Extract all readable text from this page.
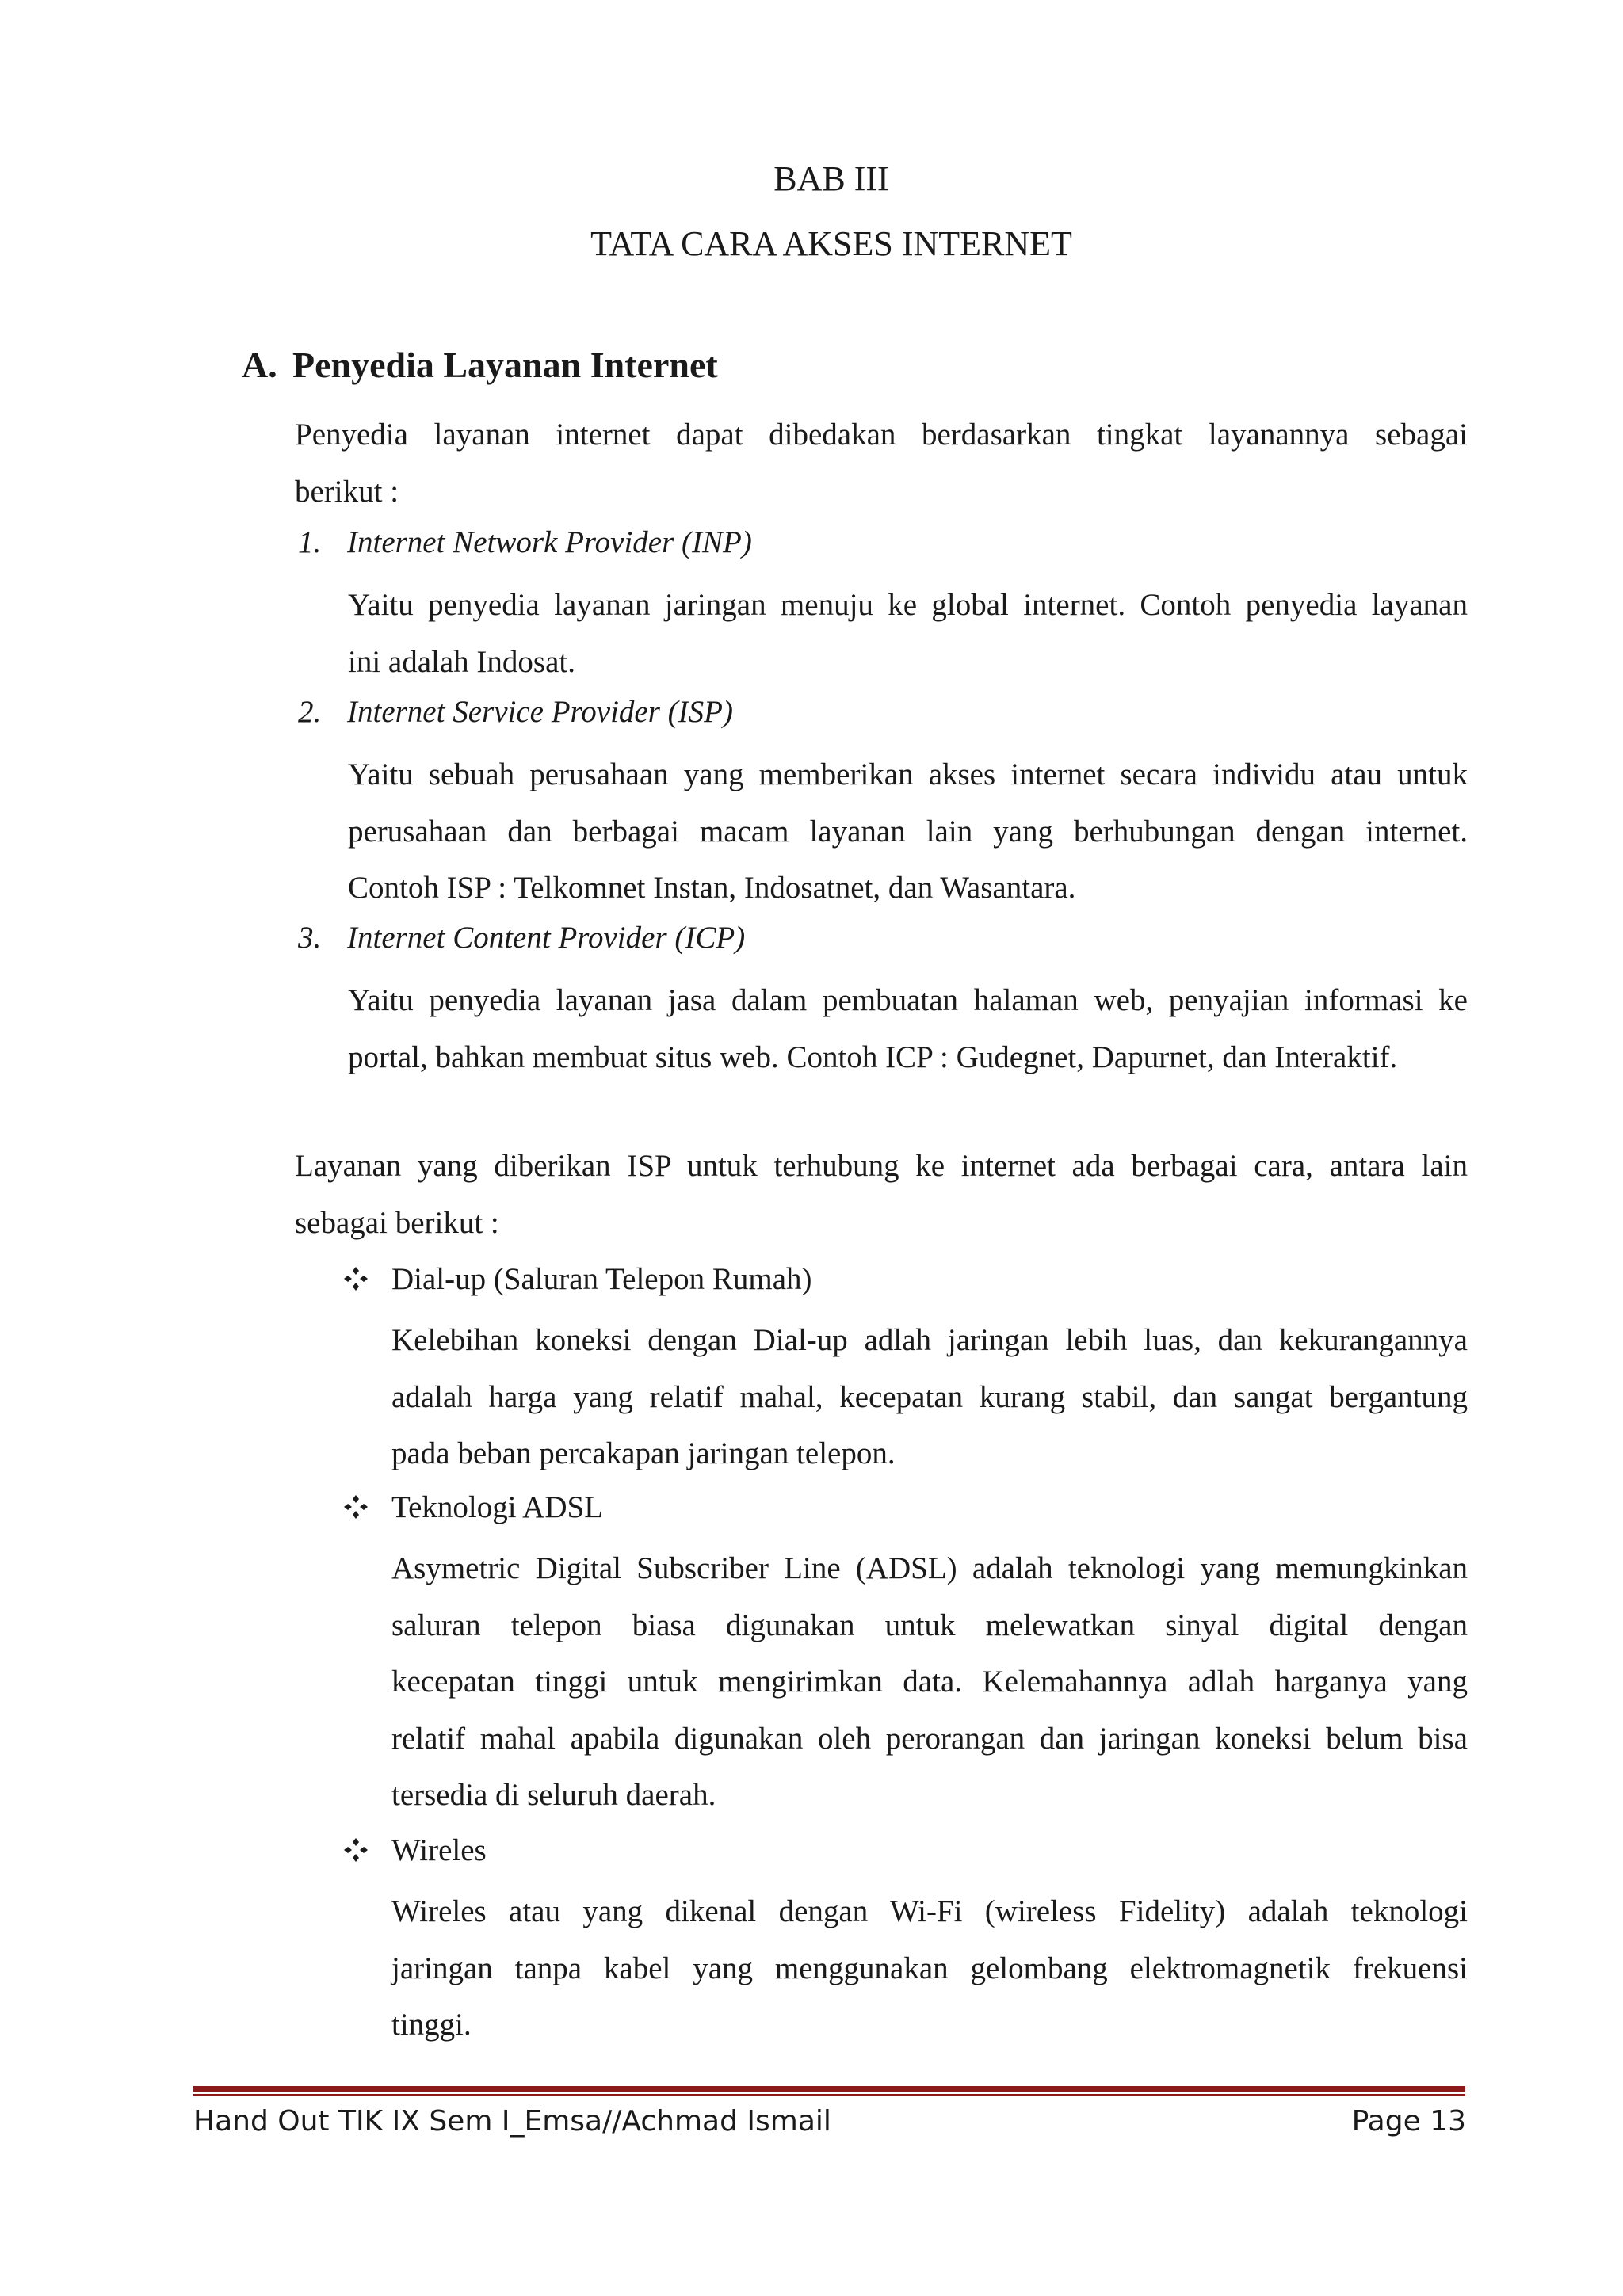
BAB III
TATA CARA AKSES INTERNET
A. Penyedia Layanan Internet
Penyedia layanan internet dapat dibedakan berdasarkan tingkat layanannya sebagai
berikut :
1. Internet Network Provider (INP)
Yaitu penyedia layanan jaringan menuju ke global internet. Contoh penyedia layanan
ini adalah Indosat.
2. Internet Service Provider (ISP)
Yaitu sebuah perusahaan yang memberikan akses internet secara individu atau untuk
perusahaan dan berbagai macam layanan lain yang berhubungan dengan internet.
Contoh ISP : Telkomnet Instan, Indosatnet, dan Wasantara.
3. Internet Content Provider (ICP)
Yaitu penyedia layanan jasa dalam pembuatan halaman web, penyajian informasi ke
portal, bahkan membuat situs web. Contoh ICP : Gudegnet, Dapurnet, dan Interaktif.
Layanan yang diberikan ISP untuk terhubung ke internet ada berbagai cara, antara lain
sebagai berikut :
Dial-up (Saluran Telepon Rumah)
Kelebihan koneksi dengan Dial-up adlah jaringan lebih luas, dan kekurangannya
adalah harga yang relatif mahal, kecepatan kurang stabil, dan sangat bergantung
pada beban percakapan jaringan telepon.
Teknologi ADSL
Asymetric Digital Subscriber Line (ADSL) adalah teknologi yang memungkinkan
saluran telepon biasa digunakan untuk melewatkan sinyal digital dengan
kecepatan tinggi untuk mengirimkan data. Kelemahannya adlah harganya yang
relatif mahal apabila digunakan oleh perorangan dan jaringan koneksi belum bisa
tersedia di seluruh daerah.
Wireles
Wireles atau yang dikenal dengan Wi-Fi (wireless Fidelity) adalah teknologi
jaringan tanpa kabel yang menggunakan gelombang elektromagnetik frekuensi
tinggi.
Hand Out TIK IX Sem I_Emsa//Achmad Ismail	Page 13
